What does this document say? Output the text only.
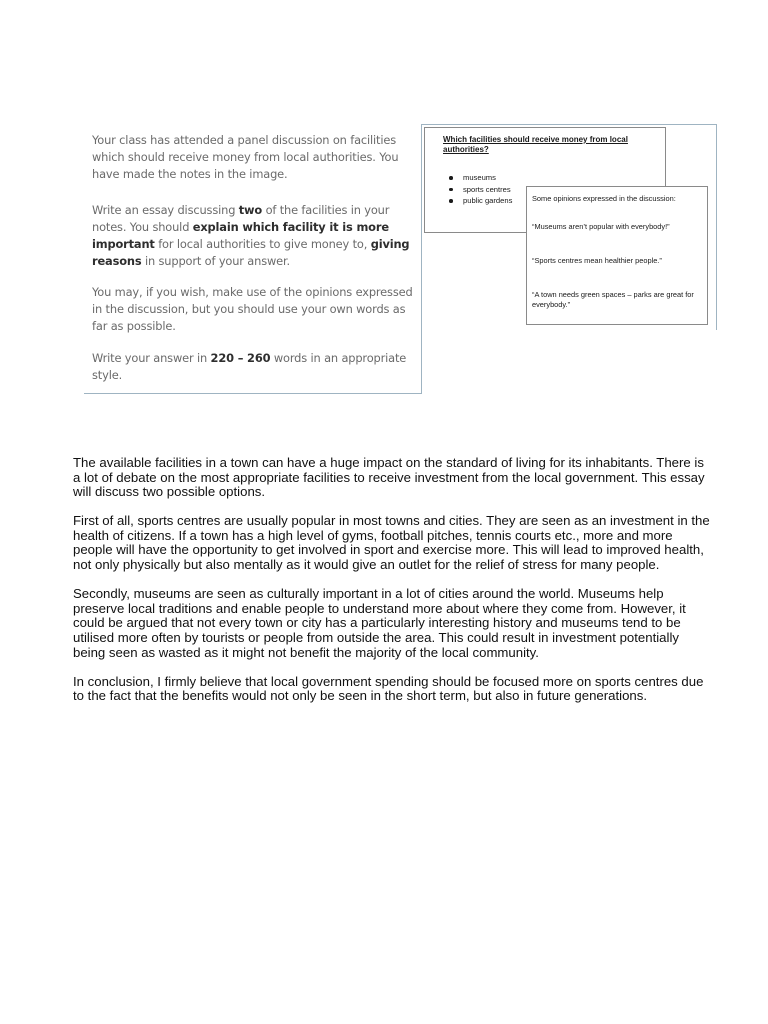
Your class has attended a panel discussion on facilities which should receive money from local authorities. You have made the notes in the image.

Write an essay discussing two of the facilities in your notes. You should explain which facility it is more important for local authorities to give money to, giving reasons in support of your answer.

You may, if you wish, make use of the opinions expressed in the discussion, but you should use your own words as far as possible.

Write your answer in 220 – 260 words in an appropriate style.

Which facilities should receive money from local authorities?

museums
sports centres
public gardens	Some opinions expressed in the discussion:

“Museums aren’t popular with everybody!”

“Sports centres mean healthier people.”

“A town needs green spaces – parks are great for everybody.”

The available facilities in a town can have a huge impact on the standard of living for its inhabitants. There is a lot of debate on the most appropriate facilities to receive investment from the local government. This essay will discuss two possible options.

First of all, sports centres are usually popular in most towns and cities. They are seen as an investment in the health of citizens. If a town has a high level of gyms, football pitches, tennis courts etc., more and more people will have the opportunity to get involved in sport and exercise more. This will lead to improved health, not only physically but also mentally as it would give an outlet for the relief of stress for many people.

Secondly, museums are seen as culturally important in a lot of cities around the world. Museums help preserve local traditions and enable people to understand more about where they come from. However, it could be argued that not every town or city has a particularly interesting history and museums tend to be utilised more often by tourists or people from outside the area. This could result in investment potentially being seen as wasted as it might not benefit the majority of the local community.

In conclusion, I firmly believe that local government spending should be focused more on sports centres due to the fact that the benefits would not only be seen in the short term, but also in future generations.
